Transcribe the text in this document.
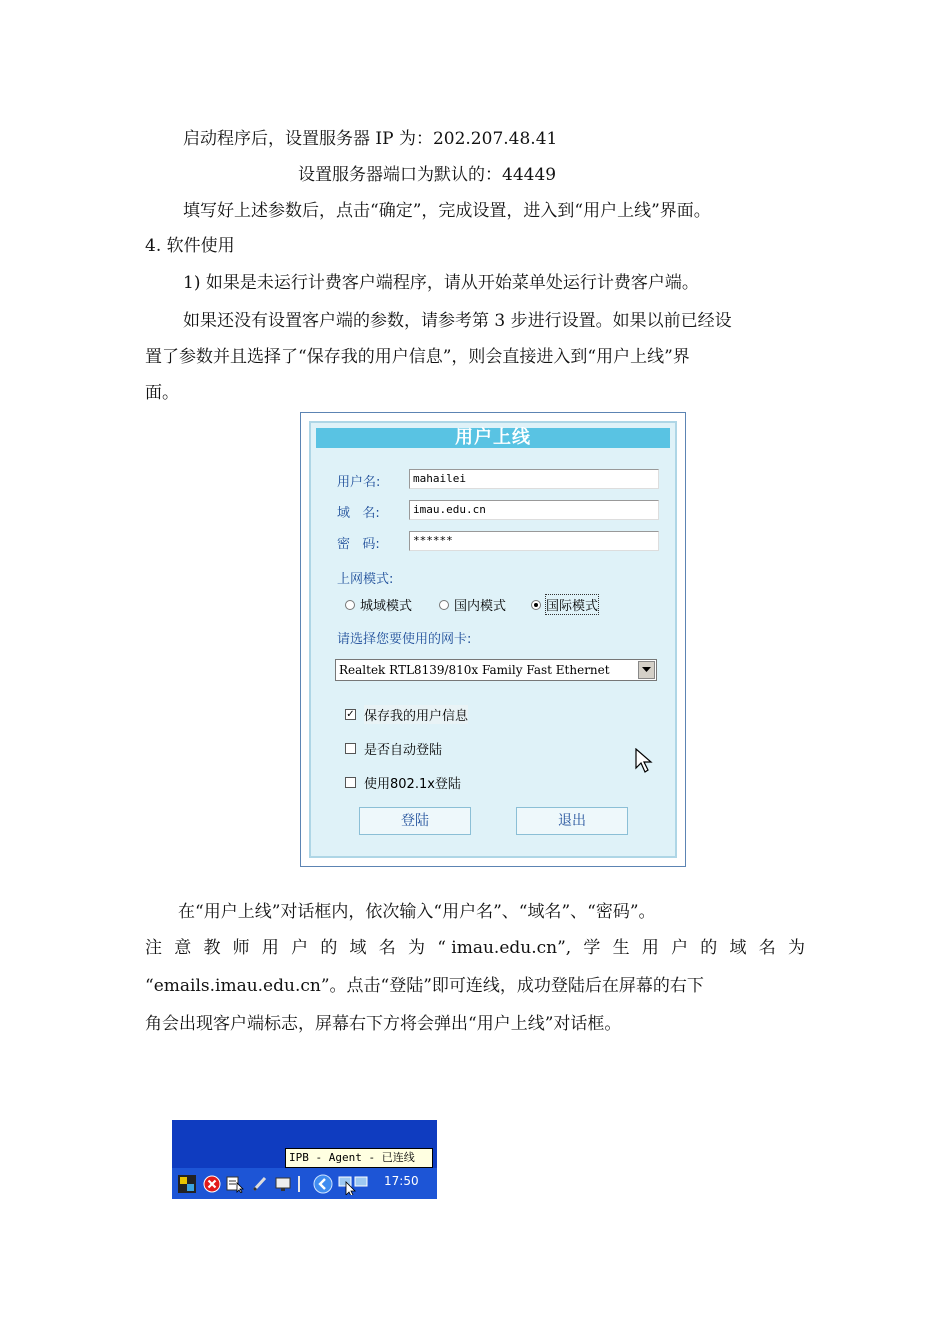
启动程序后，设置服务器 IP 为：202.207.48.41
设置服务器端口为默认的：44449
填写好上述参数后，点击“确定”，完成设置，进入到“用户上线”界面。
4. 软件使用
1) 如果是未运行计费客户端程序，请从开始菜单处运行计费客户端。
如果还没有设置客户端的参数，请参考第 3 步进行设置。如果以前已经设
置了参数并且选择了“保存我的用户信息”，则会直接进入到“用户上线”界
面。
用户上线
用户名:	mahailei
域   名:	imau.edu.cn
密   码:	******
上网模式:
城域模式	国内模式	国际模式
请选择您要使用的网卡:
Realtek RTL8139/810x Family Fast Ethernet
✓ 保存我的用户信息
是否自动登陆
使用802.1x登陆
登陆	退出
在“用户上线”对话框内，依次输入“用户名”、“域名”、“密码”。
注 意 教 师 用 户 的 域 名 为 “ imau.edu.cn”, 学 生 用 户 的 域 名 为
“emails.imau.edu.cn”。点击“登陆”即可连线，成功登陆后在屏幕的右下
角会出现客户端标志，屏幕右下方将会弹出“用户上线”对话框。
IPB - Agent - 已连线
17:50
